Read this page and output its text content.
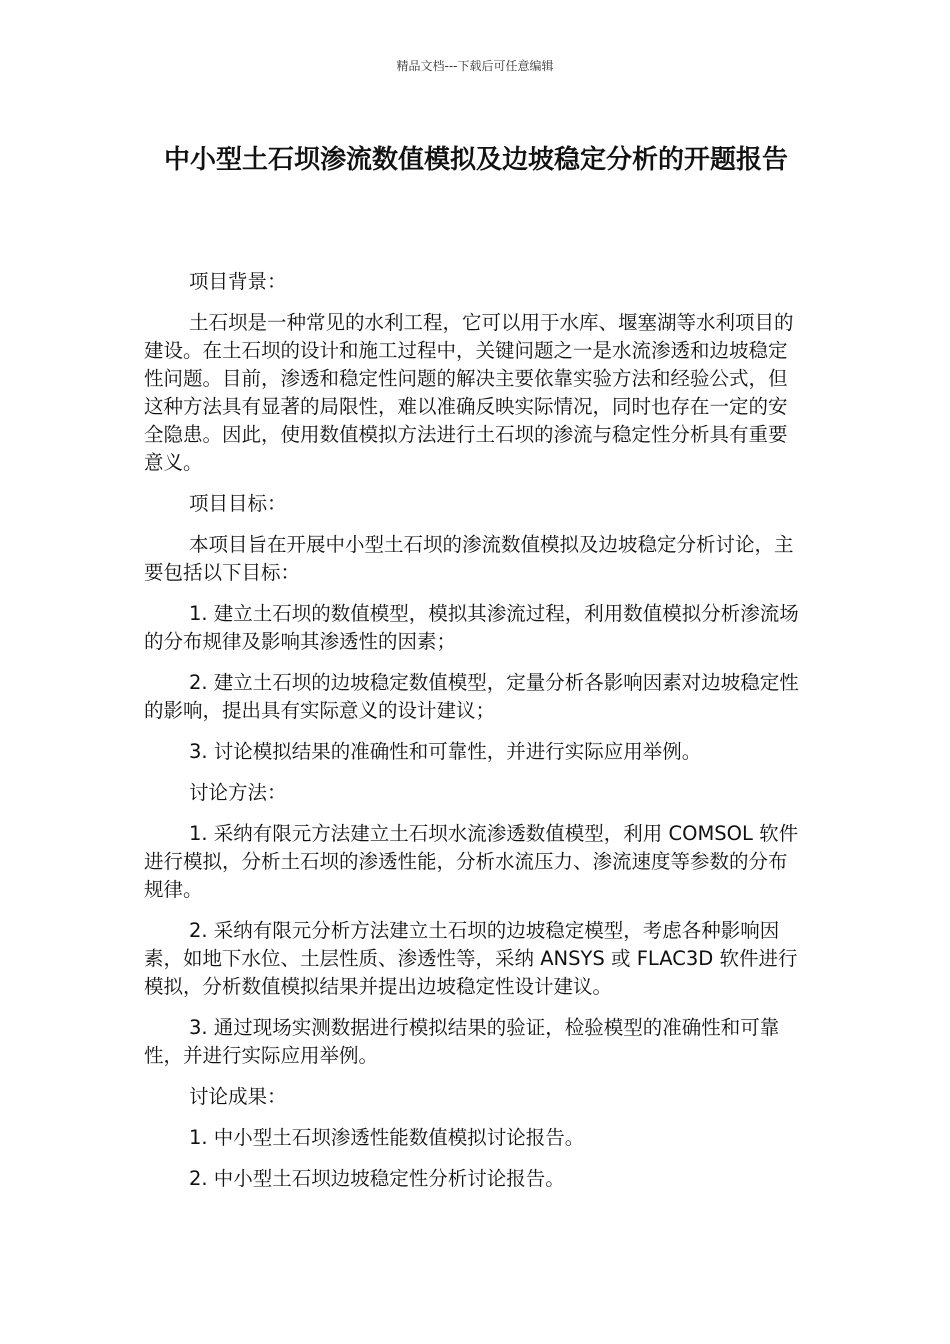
精品文档---下载后可任意编辑
中小型土石坝渗流数值模拟及边坡稳定分析的开题报告

项目背景：

土石坝是一种常见的水利工程，它可以用于水库、堰塞湖等水利项目的建设。在土石坝的设计和施工过程中，关键问题之一是水流渗透和边坡稳定性问题。目前，渗透和稳定性问题的解决主要依靠实验方法和经验公式，但这种方法具有显著的局限性，难以准确反映实际情况，同时也存在一定的安全隐患。因此，使用数值模拟方法进行土石坝的渗流与稳定性分析具有重要意义。

项目目标：

本项目旨在开展中小型土石坝的渗流数值模拟及边坡稳定分析讨论，主要包括以下目标：

1. 建立土石坝的数值模型，模拟其渗流过程，利用数值模拟分析渗流场的分布规律及影响其渗透性的因素；

2. 建立土石坝的边坡稳定数值模型，定量分析各影响因素对边坡稳定性的影响，提出具有实际意义的设计建议；

3. 讨论模拟结果的准确性和可靠性，并进行实际应用举例。

讨论方法：

1. 采纳有限元方法建立土石坝水流渗透数值模型，利用 COMSOL 软件进行模拟，分析土石坝的渗透性能，分析水流压力、渗流速度等参数的分布规律。

2. 采纳有限元分析方法建立土石坝的边坡稳定模型，考虑各种影响因素，如地下水位、土层性质、渗透性等，采纳 ANSYS 或 FLAC3D 软件进行模拟，分析数值模拟结果并提出边坡稳定性设计建议。

3. 通过现场实测数据进行模拟结果的验证，检验模型的准确性和可靠性，并进行实际应用举例。

讨论成果：

1. 中小型土石坝渗透性能数值模拟讨论报告。

2. 中小型土石坝边坡稳定性分析讨论报告。
